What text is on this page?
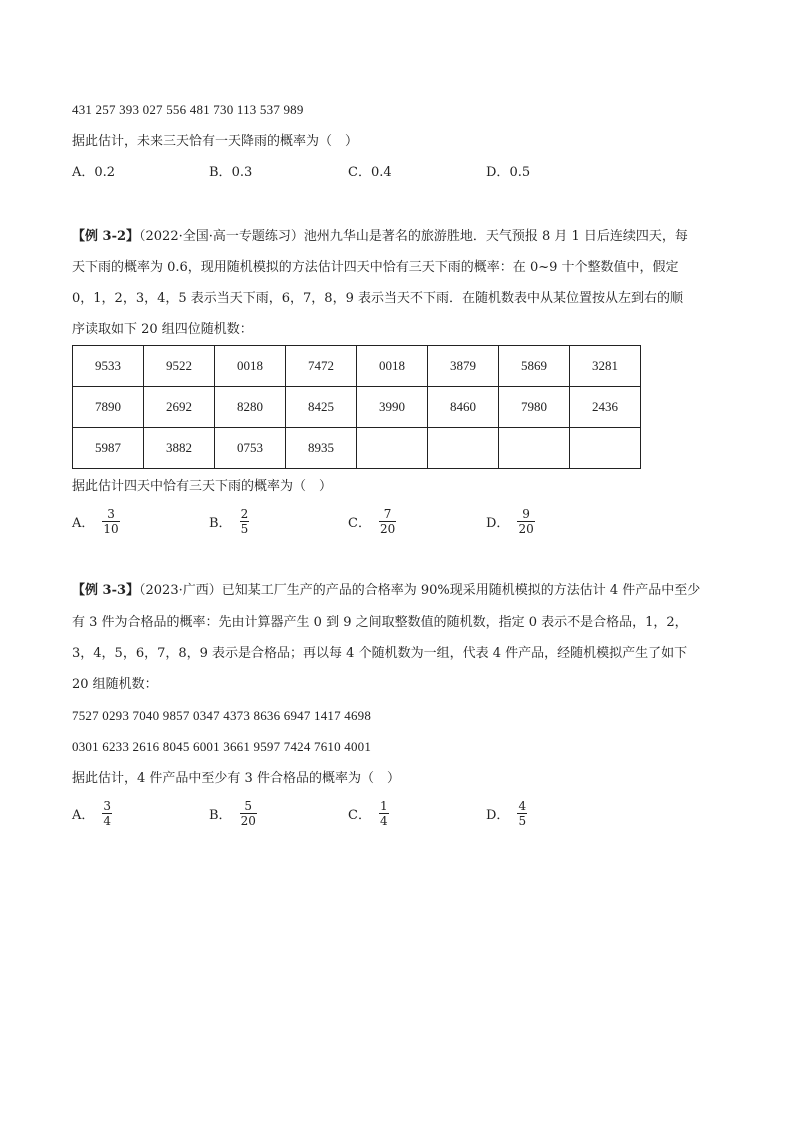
431 257 393 027 556 481 730 113 537 989
据此估计，未来三天恰有一天降雨的概率为（　）
A．0.2	B．0.3	C．0.4	D．0.5
【例 3-2】（2022·全国·高一专题练习）池州九华山是著名的旅游胜地．天气预报 8 月 1 日后连续四天，每
天下雨的概率为 0.6，现用随机模拟的方法估计四天中恰有三天下雨的概率：在 0~9 十个整数值中，假定
0，1，2，3，4，5 表示当天下雨，6，7，8，9 表示当天不下雨．在随机数表中从某位置按从左到右的顺
序读取如下 20 组四位随机数：
9533	9522	0018	7472	0018	3879	5869	3281
7890	2692	8280	8425	3990	8460	7980	2436
5987	3882	0753	8935				
据此估计四天中恰有三天下雨的概率为（　）
A． $\frac{3}{10}$	B． $\frac{2}{5}$	C． $\frac{7}{20}$	D． $\frac{9}{20}$
【例 3-3】（2023·广西）已知某工厂生产的产品的合格率为 90%现采用随机模拟的方法估计 4 件产品中至少
有 3 件为合格品的概率：先由计算器产生 0 到 9 之间取整数值的随机数，指定 0 表示不是合格品，1，2，
3，4，5，6，7，8，9 表示是合格品；再以每 4 个随机数为一组，代表 4 件产品，经随机模拟产生了如下
20 组随机数：
7527 0293 7040 9857 0347 4373 8636 6947 1417 4698
0301 6233 2616 8045 6001 3661 9597 7424 7610 4001
据此估计，4 件产品中至少有 3 件合格品的概率为（　）
A． $\frac{3}{4}$	B． $\frac{5}{20}$	C． $\frac{1}{4}$	D． $\frac{4}{5}$
